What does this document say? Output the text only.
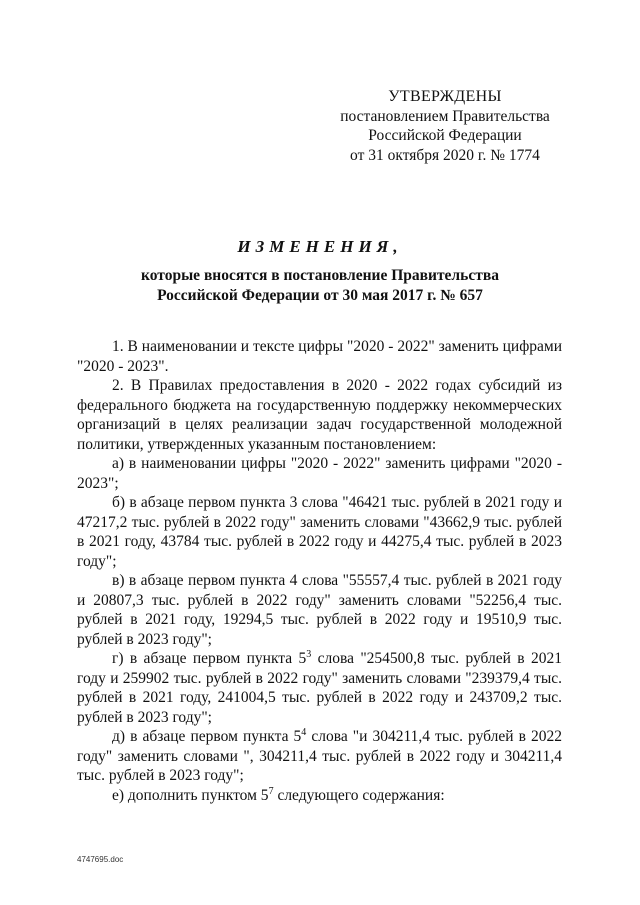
УТВЕРЖДЕНЫ
постановлением Правительства
Российской Федерации
от 31 октября 2020 г. № 1774
ИЗМЕНЕНИЯ,
которые вносятся в постановление Правительства
Российской Федерации от 30 мая 2017 г. № 657

1. В наименовании и тексте цифры "2020 - 2022" заменить цифрами "2020 - 2023".

2. В Правилах предоставления в 2020 - 2022 годах субсидий из федерального бюджета на государственную поддержку некоммерческих организаций в целях реализации задач государственной молодежной политики, утвержденных указанным постановлением:

а) в наименовании цифры "2020 - 2022" заменить цифрами "2020 - 2023";

б) в абзаце первом пункта 3 слова "46421 тыс. рублей в 2021 году и 47217,2 тыс. рублей в 2022 году" заменить словами "43662,9 тыс. рублей в 2021 году, 43784 тыс. рублей в 2022 году и 44275,4 тыс. рублей в 2023 году";

в) в абзаце первом пункта 4 слова "55557,4 тыс. рублей в 2021 году и 20807,3 тыс. рублей в 2022 году" заменить словами "52256,4 тыс. рублей в 2021 году, 19294,5 тыс. рублей в 2022 году и 19510,9 тыс. рублей в 2023 году";

г) в абзаце первом пункта $5^3$ слова "254500,8 тыс. рублей в 2021 году и 259902 тыс. рублей в 2022 году" заменить словами "239379,4 тыс. рублей в 2021 году, 241004,5 тыс. рублей в 2022 году и 243709,2 тыс. рублей в 2023 году";

д) в абзаце первом пункта $5^4$ слова "и 304211,4 тыс. рублей в 2022 году" заменить словами ", 304211,4 тыс. рублей в 2022 году и 304211,4 тыс. рублей в 2023 году";

е) дополнить пунктом $5^7$ следующего содержания:

4747695.doc
